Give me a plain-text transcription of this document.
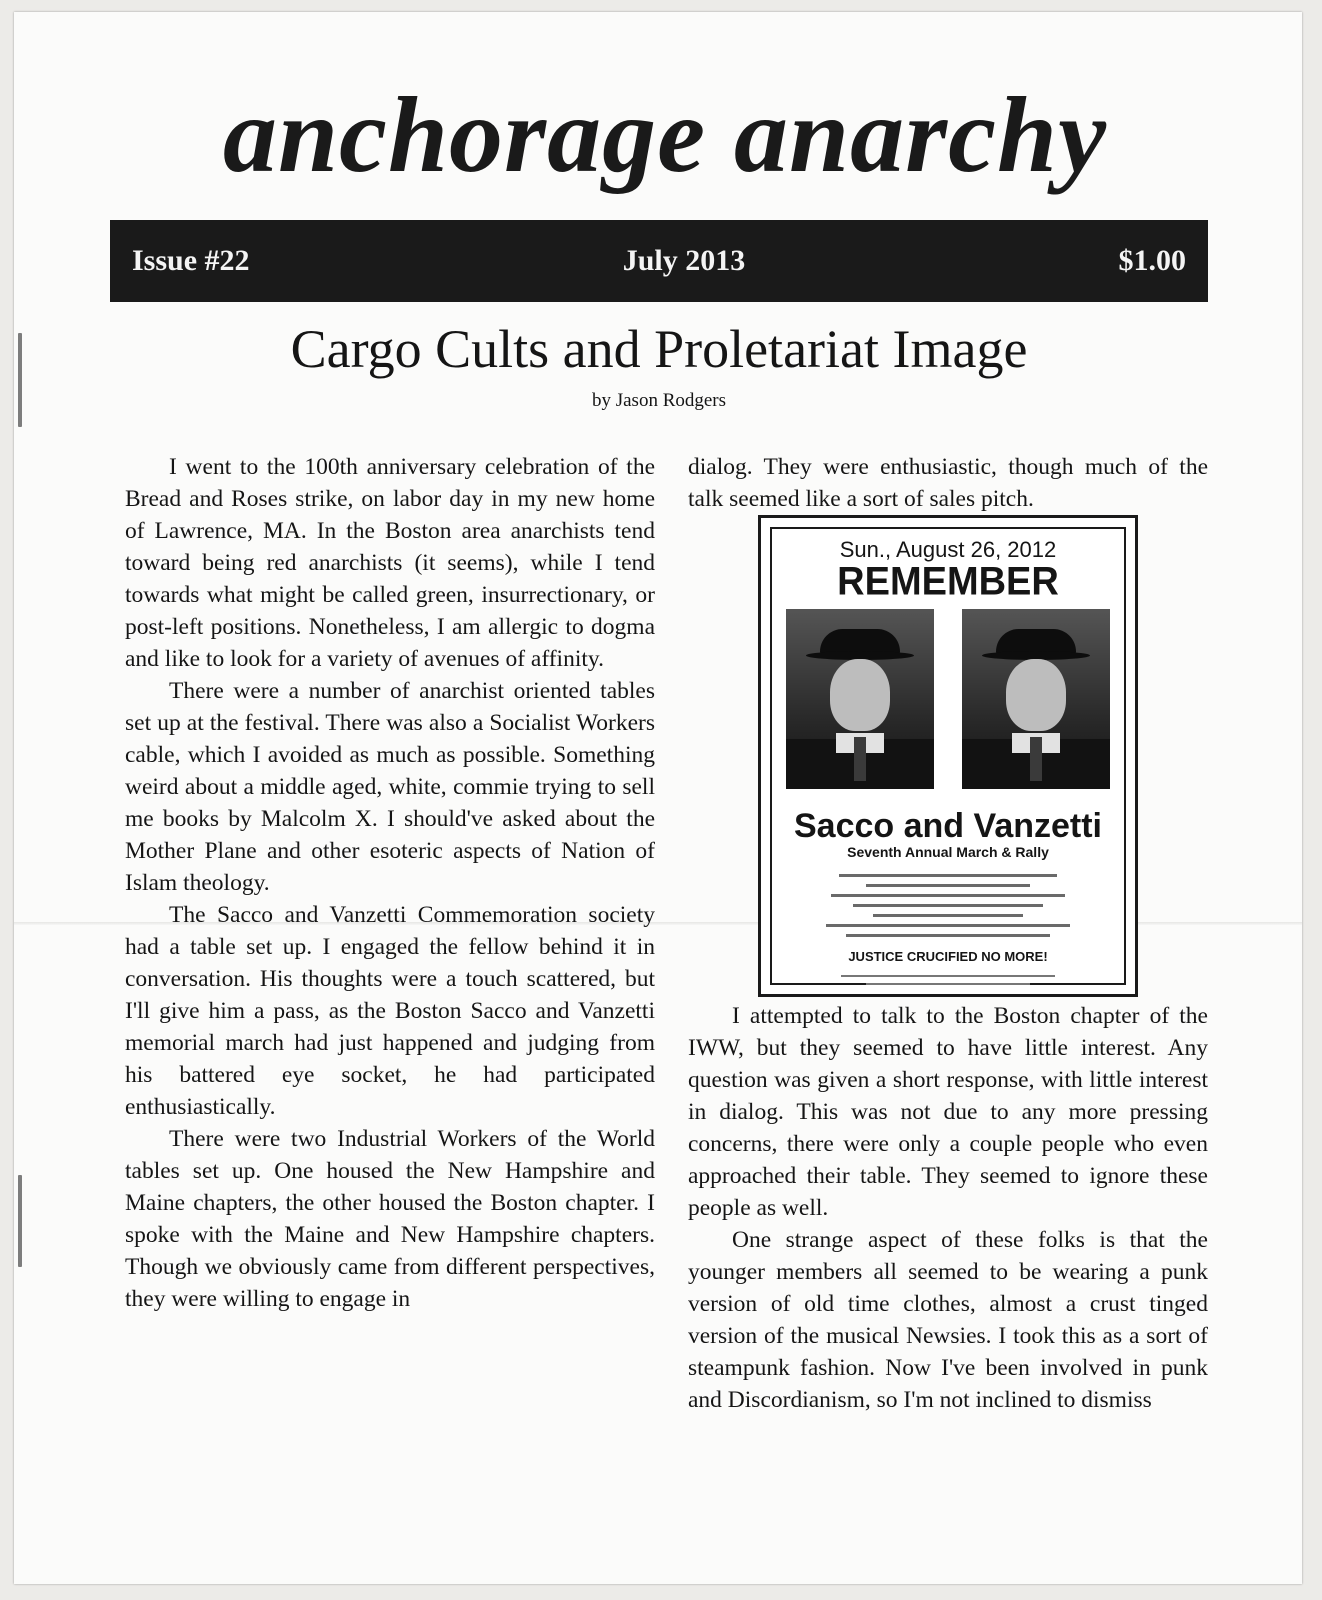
anchorage anarchy
Issue #22	July 2013	$1.00
Cargo Cults and Proletariat Image
by Jason Rodgers

I went to the 100th anniversary celebration of the Bread and Roses strike, on labor day in my new home of Lawrence, MA. In the Boston area anarchists tend toward being red anarchists (it seems), while I tend towards what might be called green, insurrectionary, or post-left positions. Nonetheless, I am allergic to dogma and like to look for a variety of avenues of affinity.

There were a number of anarchist oriented tables set up at the festival. There was also a Socialist Workers cable, which I avoided as much as possible. Something weird about a middle aged, white, commie trying to sell me books by Malcolm X. I should've asked about the Mother Plane and other esoteric aspects of Nation of Islam theology.

The Sacco and Vanzetti Commemoration society had a table set up. I engaged the fellow behind it in conversation. His thoughts were a touch scattered, but I'll give him a pass, as the Boston Sacco and Vanzetti memorial march had just happened and judging from his battered eye socket, he had participated enthusiastically.

There were two Industrial Workers of the World tables set up. One housed the New Hampshire and Maine chapters, the other housed the Boston chapter. I spoke with the Maine and New Hampshire chapters. Though we obviously came from different perspectives, they were willing to engage in

dialog. They were enthusiastic, though much of the talk seemed like a sort of sales pitch.

Sun., August 26, 2012
REMEMBER
Sacco and Vanzetti
Seventh Annual March & Rally
JUSTICE CRUCIFIED NO MORE!

I attempted to talk to the Boston chapter of the IWW, but they seemed to have little interest. Any question was given a short response, with little interest in dialog. This was not due to any more pressing concerns, there were only a couple people who even approached their table. They seemed to ignore these people as well.

One strange aspect of these folks is that the younger members all seemed to be wearing a punk version of old time clothes, almost a crust tinged version of the musical Newsies. I took this as a sort of steampunk fashion. Now I've been involved in punk and Discordianism, so I'm not inclined to dismiss
